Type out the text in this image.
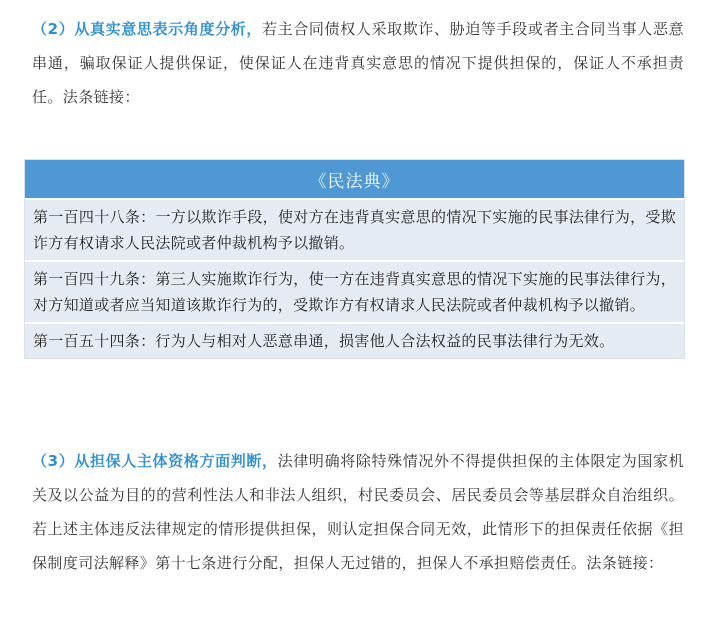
（2）从真实意思表示角度分析，若主合同债权人采取欺诈、胁迫等手段或者主合同当事人恶意串通，骗取保证人提供保证，使保证人在违背真实意思的情况下提供担保的，保证人不承担责任。法条链接：
《民法典》
第一百四十八条：一方以欺诈手段，使对方在违背真实意思的情况下实施的民事法律行为，受欺诈方有权请求人民法院或者仲裁机构予以撤销。
第一百四十九条：第三人实施欺诈行为，使一方在违背真实意思的情况下实施的民事法律行为，对方知道或者应当知道该欺诈行为的，受欺诈方有权请求人民法院或者仲裁机构予以撤销。
第一百五十四条：行为人与相对人恶意串通，损害他人合法权益的民事法律行为无效。
（3）从担保人主体资格方面判断，法律明确将除特殊情况外不得提供担保的主体限定为国家机关及以公益为目的的营利性法人和非法人组织，村民委员会、居民委员会等基层群众自治组织。若上述主体违反法律规定的情形提供担保，则认定担保合同无效，此情形下的担保责任依据《担保制度司法解释》第十七条进行分配，担保人无过错的，担保人不承担赔偿责任。法条链接：
